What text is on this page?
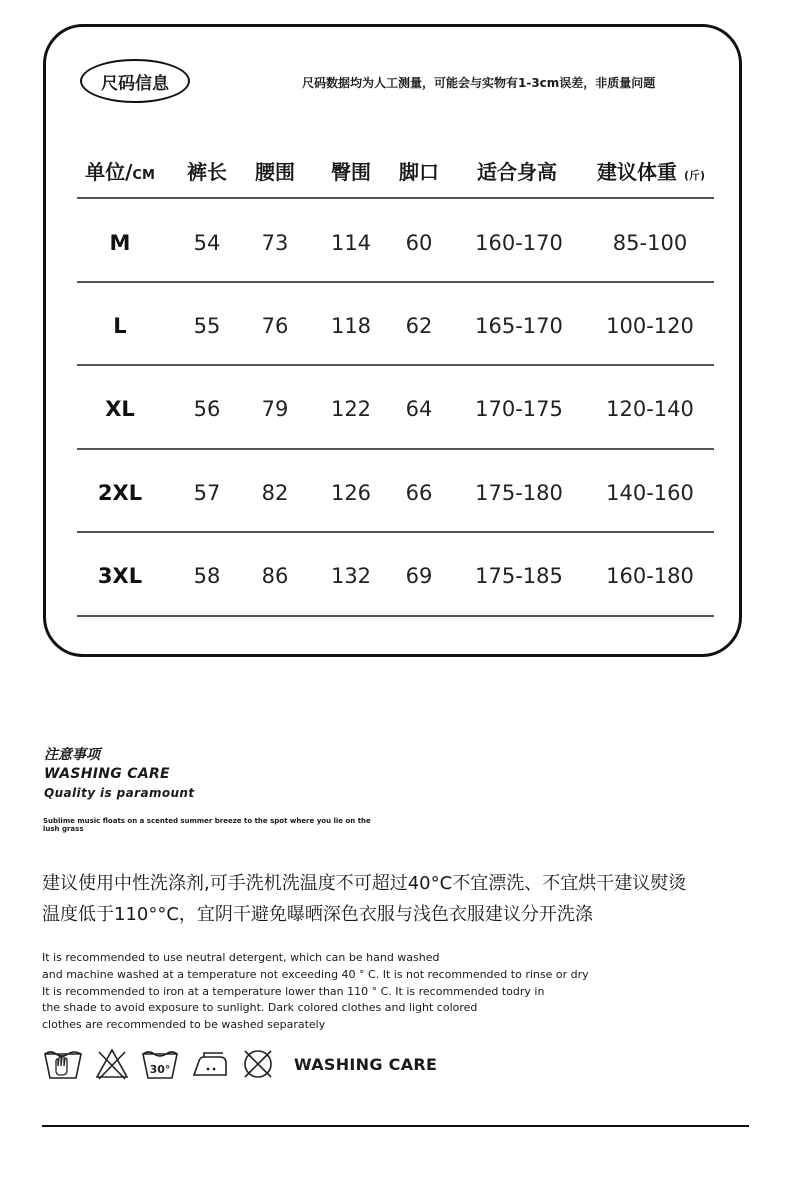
尺码信息	尺码数据均为人工测量，可能会与实物有1-3cm误差，非质量问题
单位/CM 裤长 腰围 臀围 脚口 适合身高 建议体重 (斤)
M	54 73 114 60 160-170 85-100
L	55 76 118 62 165-170 100-120
XL	56 79 122 64 170-175 120-140
2XL 57 82 126 66 175-180 140-160
3XL 58 86 132 69 175-185 160-180
注意事项
WASHING CARE
Quality is paramount
Sublime music floats on a scented summer breeze to the spot where you lie on the lush grass
建议使用中性洗涤剂,可手洗机洗温度不可超过40°C不宜漂洗、不宜烘干建议熨烫
温度低于110°°C，宜阴干避免曝晒深色衣服与浅色衣服建议分开洗涤
It is recommended to use neutral detergent, which can be hand washed
and machine washed at a temperature not exceeding 40 ° C. It is not recommended to rinse or dry
It is recommended to iron at a temperature lower than 110 ° C. It is recommended todry in
the shade to avoid exposure to sunlight. Dark colored clothes and light colored
clothes are recommended to be washed separately
30°	WASHING CARE
